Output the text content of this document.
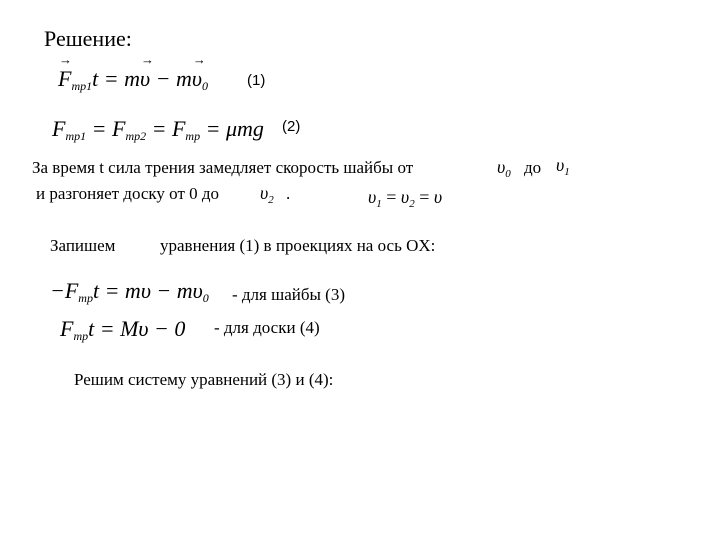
Решение:
→ $F_{тр1}t = m\to \upsilon - m\to \upsilon_0$	(1)
$F_{тр1} = F_{тр2} = F_{тр} = \mu mg$ (2)
За время t сила трения замедляет скорость шайбы от	$\upsilon_0$ до $\upsilon_1$
и разгоняет доску от 0 до $\upsilon_2$ .	$\upsilon_1 = \upsilon_2 = \upsilon$
Запишем	уравнения (1) в проекциях на ось OX:
$-F_{тр}t = m\upsilon - m\upsilon_0$ - для шайбы (3)
$F_{тр}t = M\upsilon - 0$ - для доски (4)
Решим систему уравнений (3) и (4):
